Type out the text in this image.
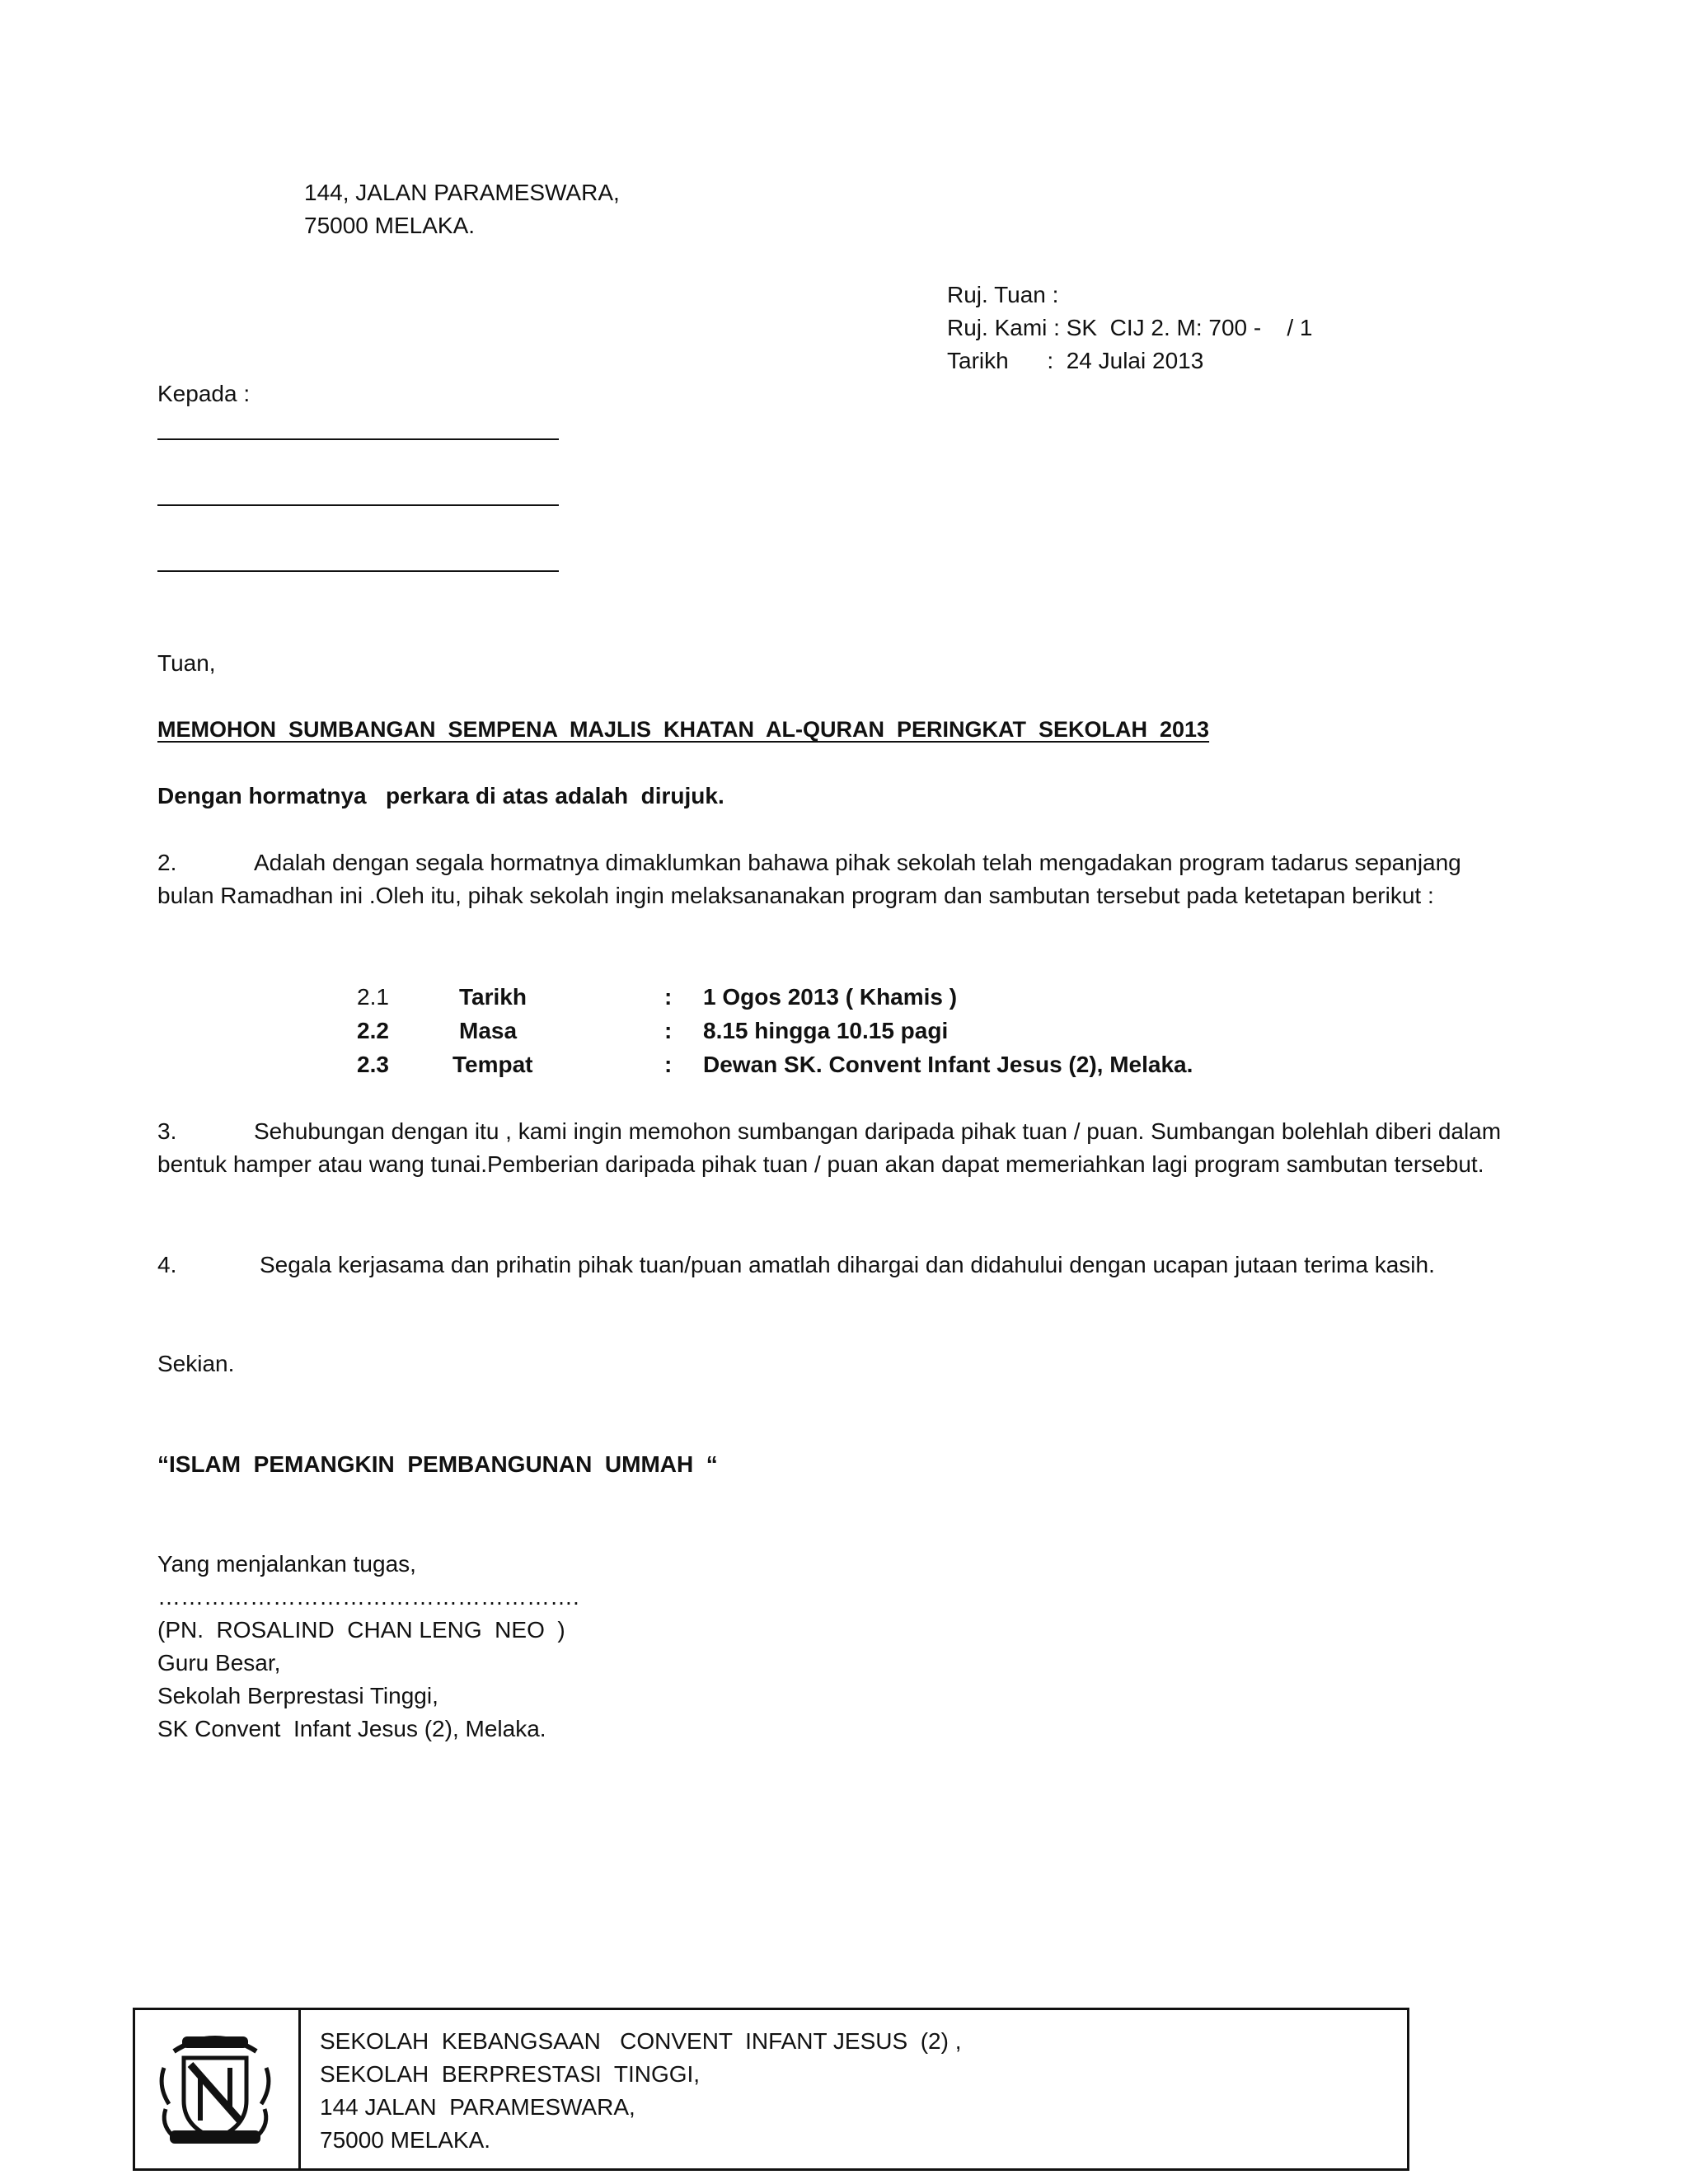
144, JALAN PARAMESWARA,
75000 MELAKA.
Ruj. Tuan :
Ruj. Kami : SK  CIJ 2. M: 700 -    / 1
Tarikh      :  24 Julai 2013
Kepada :
Tuan,
MEMOHON  SUMBANGAN  SEMPENA  MAJLIS  KHATAN  AL-QURAN  PERINGKAT  SEKOLAH  2013
Dengan hormatnya   perkara di atas adalah  dirujuk.
2.	Adalah dengan segala hormatnya dimaklumkan bahawa pihak sekolah telah mengadakan program tadarus sepanjang bulan Ramadhan ini .Oleh itu, pihak sekolah ingin melaksananakan program dan sambutan tersebut pada ketetapan berikut :
2.1	Tarikh	: 1 Ogos 2013 ( Khamis )
2.2	Masa	: 8.15 hingga 10.15 pagi
2.3	Tempat	: Dewan SK. Convent Infant Jesus (2), Melaka.
3.	Sehubungan dengan itu , kami ingin memohon sumbangan daripada pihak tuan / puan. Sumbangan bolehlah diberi dalam bentuk hamper atau wang tunai.Pemberian daripada pihak tuan / puan akan dapat memeriahkan lagi program sambutan tersebut.
4.	Segala kerjasama dan prihatin pihak tuan/puan amatlah dihargai dan didahului dengan ucapan jutaan terima kasih.
Sekian.
“ISLAM  PEMANGKIN  PEMBANGUNAN  UMMAH  “
Yang menjalankan tugas,
……………………………………………….
(PN.  ROSALIND  CHAN LENG  NEO  )
Guru Besar,
Sekolah Berprestasi Tinggi,
SK Convent  Infant Jesus (2), Melaka.
SEKOLAH  KEBANGSAAN   CONVENT  INFANT JESUS  (2) ,
SEKOLAH  BERPRESTASI  TINGGI,
144 JALAN  PARAMESWARA,
75000 MELAKA.
